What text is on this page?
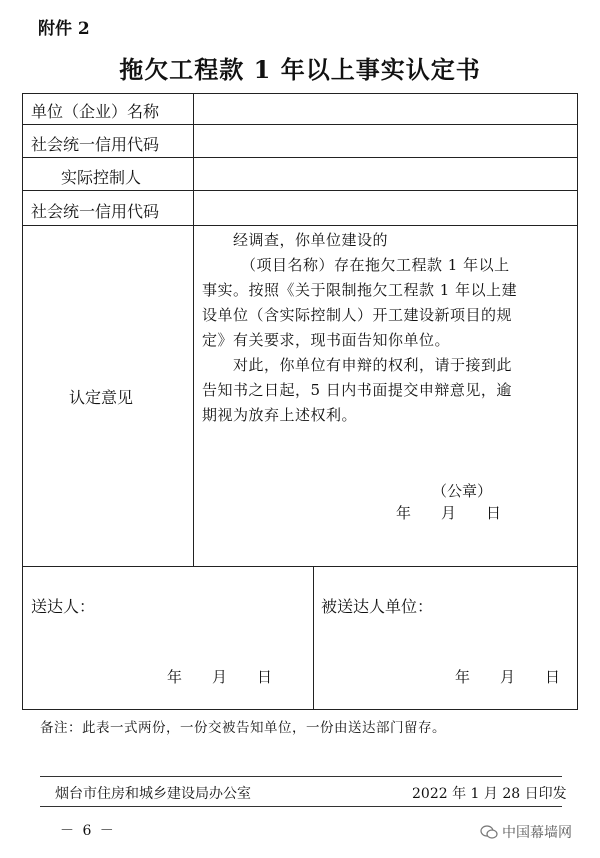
附件 2
拖欠工程款 1 年以上事实认定书
单位（企业）名称
社会统一信用代码
实际控制人
社会统一信用代码
认定意见
送达人：
年　　月　　日
被送达人单位：
年　　月　　日
　　经调查，你单位建设的
　　　（项目名称）存在拖欠工程款 1 年以上
事实。按照《关于限制拖欠工程款 1 年以上建
设单位（含实际控制人）开工建设新项目的规
定》有关要求，现书面告知你单位。
　　对此，你单位有申辩的权利，请于接到此
告知书之日起，5 日内书面提交申辩意见，逾
期视为放弃上述权利。
（公章）
年　　月　　日
备注：此表一式两份，一份交被告知单位，一份由送达部门留存。
烟台市住房和城乡建设局办公室	2022 年 1 月 28 日印发
－ 6 －	中国幕墙网
